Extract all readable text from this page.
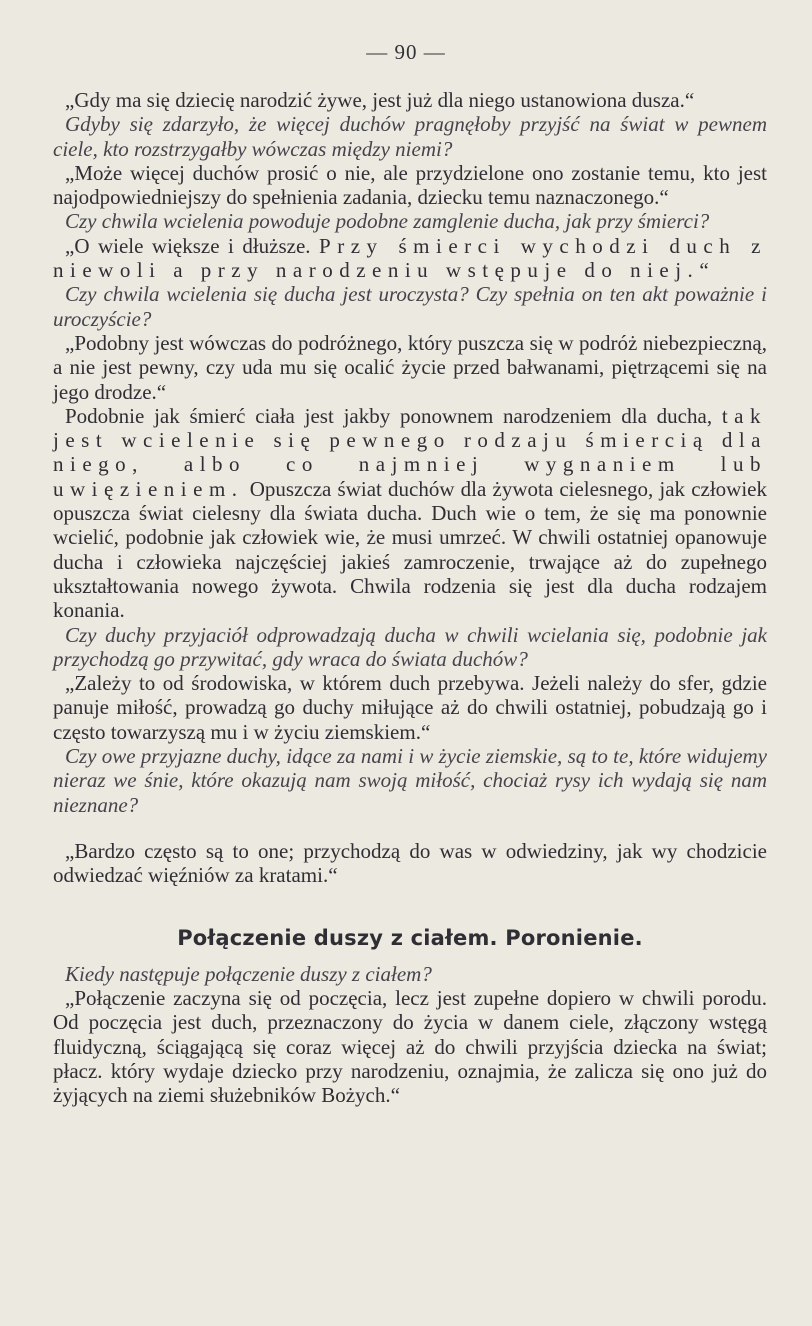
— 90 —

„Gdy ma się dziecię narodzić żywe, jest już dla niego ustanowiona dusza.“

Gdyby się zdarzyło, że więcej duchów pragnęłoby przyjść na świat w pewnem ciele, kto rozstrzygałby wówczas między niemi?

„Może więcej duchów prosić o nie, ale przydzielone ono zostanie temu, kto jest najodpowiedniejszy do spełnienia zadania, dziecku temu naznaczonego.“

Czy chwila wcielenia powoduje podobne zamglenie ducha, jak przy śmierci?

„O wiele większe i dłuższe. Przy śmierci wychodzi duch z niewoli a przy narodzeniu wstępuje do niej.“

Czy chwila wcielenia się ducha jest uroczysta? Czy spełnia on ten akt poważnie i uroczyście?

„Podobny jest wówczas do podróżnego, który puszcza się w podróż niebezpieczną, a nie jest pewny, czy uda mu się ocalić życie przed bałwanami, piętrzącemi się na jego drodze.“

Podobnie jak śmierć ciała jest jakby ponownem narodzeniem dla ducha, tak jest wcielenie się pewnego rodzaju śmiercią dla niego, albo co najmniej wygnaniem lub uwięzieniem. Opuszcza świat duchów dla żywota cielesnego, jak człowiek opuszcza świat cielesny dla świata ducha. Duch wie o tem, że się ma ponownie wcielić, podobnie jak człowiek wie, że musi umrzeć. W chwili ostatniej opanowuje ducha i człowieka najczęściej jakieś zamroczenie, trwające aż do zupełnego ukształtowania nowego żywota. Chwila rodzenia się jest dla ducha rodzajem konania.

Czy duchy przyjaciół odprowadzają ducha w chwili wcielania się, podobnie jak przychodzą go przywitać, gdy wraca do świata duchów?

„Zależy to od środowiska, w którem duch przebywa. Jeżeli należy do sfer, gdzie panuje miłość, prowadzą go duchy miłujące aż do chwili ostatniej, pobudzają go i często towarzyszą mu i w życiu ziemskiem.“

Czy owe przyjazne duchy, idące za nami i w życie ziemskie, są to te, które widujemy nieraz we śnie, które okazują nam swoją miłość, chociaż rysy ich wydają się nam nieznane?

„Bardzo często są to one; przychodzą do was w odwiedziny, jak wy chodzicie odwiedzać więźniów za kratami.“

Połączenie duszy z ciałem. Poronienie.

Kiedy następuje połączenie duszy z ciałem?

„Połączenie zaczyna się od poczęcia, lecz jest zupełne dopiero w chwili porodu. Od poczęcia jest duch, przeznaczony do życia w danem ciele, złączony wstęgą fluidyczną, ściągającą się coraz więcej aż do chwili przyjścia dziecka na świat; płacz. który wydaje dziecko przy narodzeniu, oznajmia, że zalicza się ono już do żyjących na ziemi służebników Bożych.“
